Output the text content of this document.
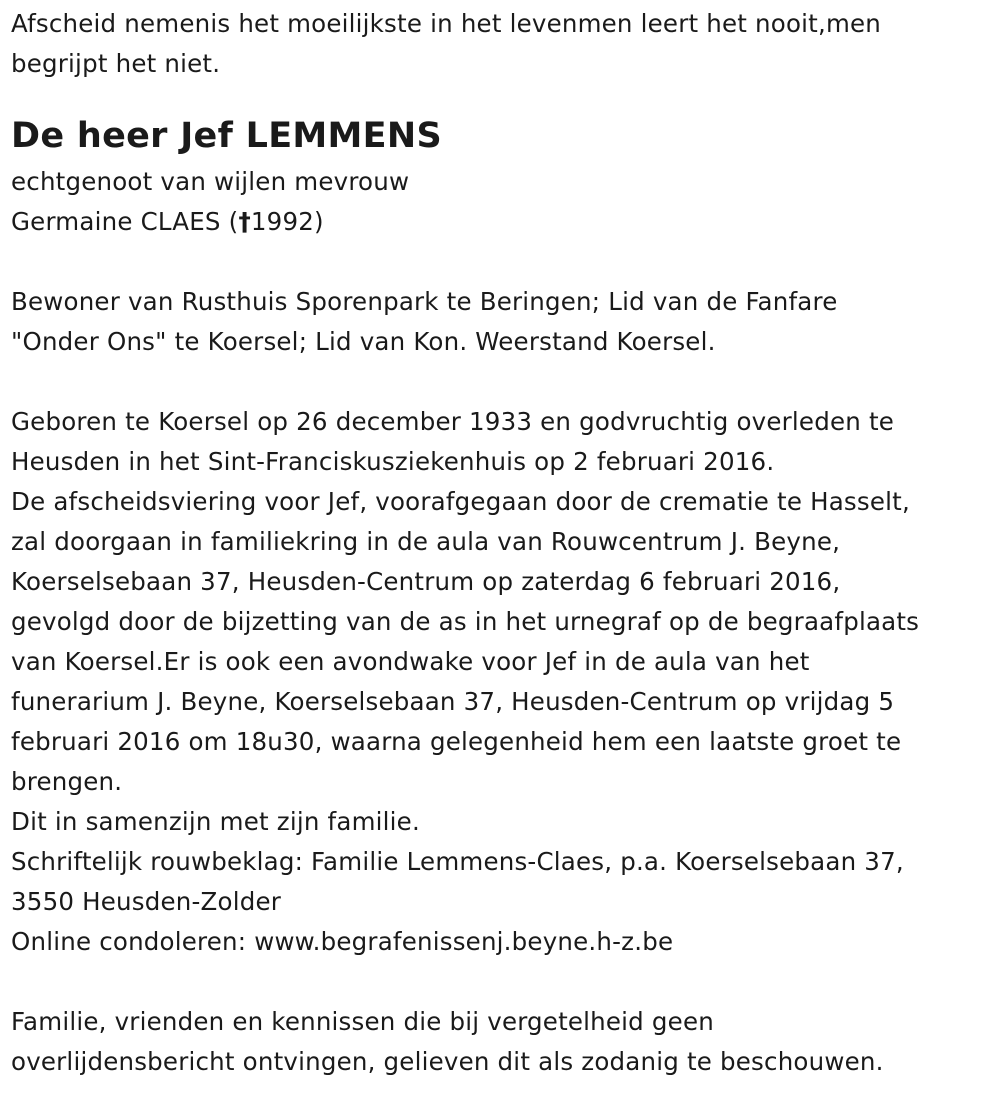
Afscheid nemenis het moeilijkste in het levenmen leert het nooit,men
begrijpt het niet.

De heer Jef LEMMENS

echtgenoot van wijlen mevrouw
Germaine CLAES (†1992)

Bewoner van Rusthuis Sporenpark te Beringen; Lid van de Fanfare
"Onder Ons" te Koersel; Lid van Kon. Weerstand Koersel.

Geboren te Koersel op 26 december 1933 en godvruchtig overleden te
Heusden in het Sint-Franciskusziekenhuis op 2 februari 2016.
De afscheidsviering voor Jef, voorafgegaan door de crematie te Hasselt,
zal doorgaan in familiekring in de aula van Rouwcentrum J. Beyne,
Koerselsebaan 37, Heusden-Centrum op zaterdag 6 februari 2016,
gevolgd door de bijzetting van de as in het urnegraf op de begraafplaats
van Koersel.Er is ook een avondwake voor Jef in de aula van het
funerarium J. Beyne, Koerselsebaan 37, Heusden-Centrum op vrijdag 5
februari 2016 om 18u30, waarna gelegenheid hem een laatste groet te
brengen.
Dit in samenzijn met zijn familie.
Schriftelijk rouwbeklag: Familie Lemmens-Claes, p.a. Koerselsebaan 37,
3550 Heusden-Zolder
Online condoleren: www.begrafenissenj.beyne.h-z.be

Familie, vrienden en kennissen die bij vergetelheid geen
overlijdensbericht ontvingen, gelieven dit als zodanig te beschouwen.
